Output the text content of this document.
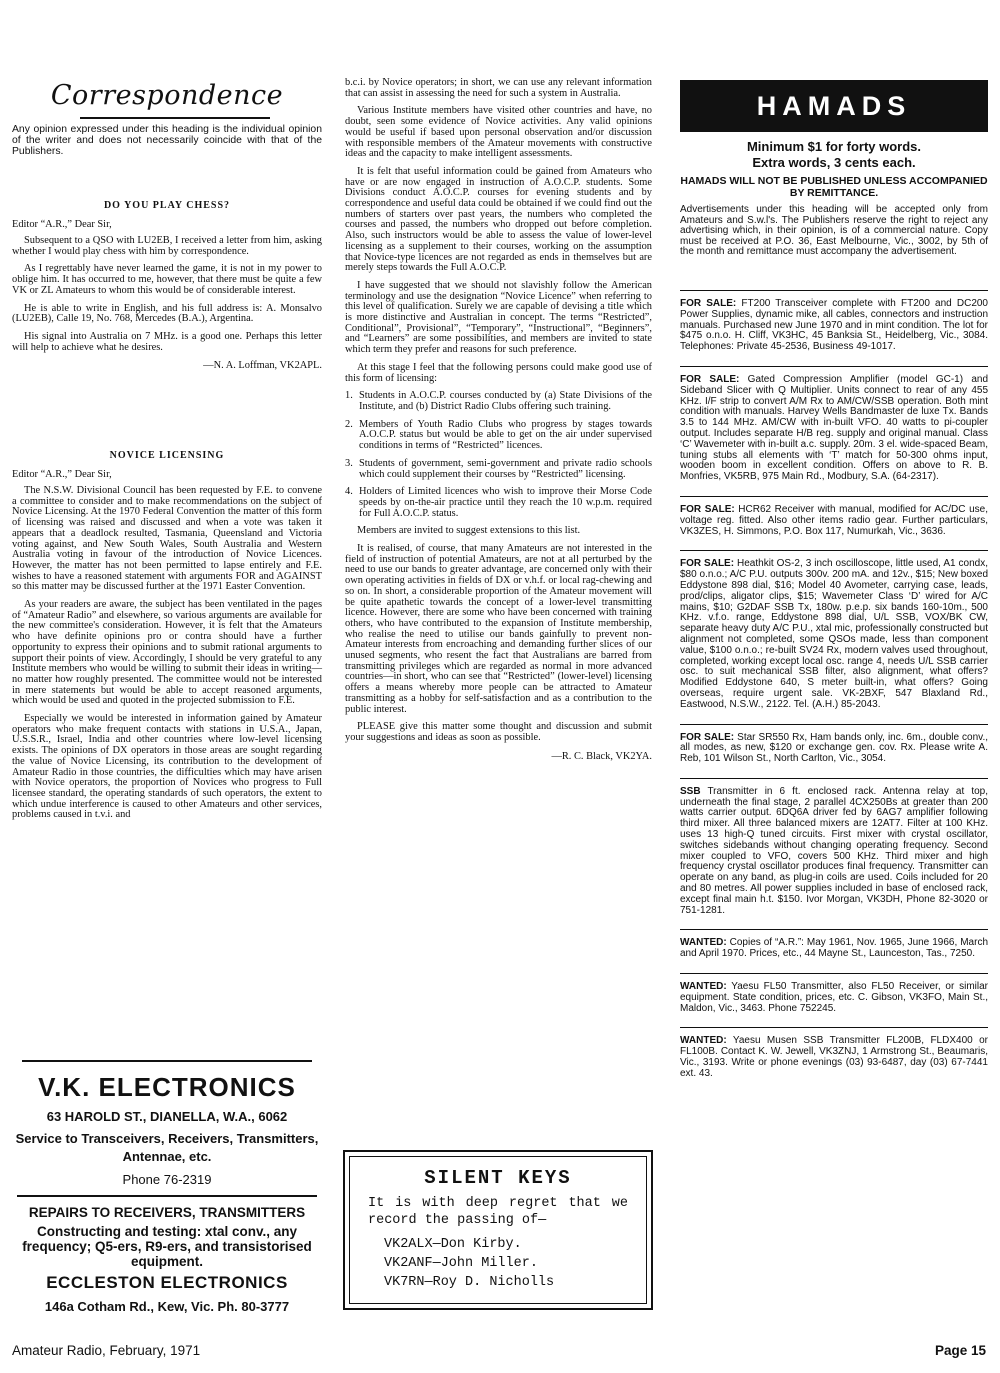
Correspondence
Any opinion expressed under this heading is the individual opinion of the writer and does not necessarily coincide with that of the Publishers.
DO YOU PLAY CHESS?
Editor “A.R.,” Dear Sir,

Subsequent to a QSO with LU2EB, I received a letter from him, asking whether I would play chess with him by correspondence.

As I regrettably have never learned the game, it is not in my power to oblige him. It has occurred to me, however, that there must be quite a few VK or ZL Amateurs to whom this would be of considerable interest.

He is able to write in English, and his full address is: A. Monsalvo (LU2EB), Calle 19, No. 768, Mercedes (B.A.), Argentina.

His signal into Australia on 7 MHz. is a good one. Perhaps this letter will help to achieve what he desires.

—N. A. Loffman, VK2APL.
NOVICE LICENSING
Editor “A.R.,” Dear Sir,

The N.S.W. Divisional Council has been requested by F.E. to convene a committee to consider and to make recommendations on the subject of Novice Licensing. At the 1970 Federal Convention the matter of this form of licensing was raised and discussed and when a vote was taken it appears that a deadlock resulted, Tasmania, Queensland and Victoria voting against, and New South Wales, South Australia and Western Australia voting in favour of the introduction of Novice Licences. However, the matter has not been permitted to lapse entirely and F.E. wishes to have a reasoned statement with arguments FOR and AGAINST so this matter may be discussed further at the 1971 Easter Convention.

As your readers are aware, the subject has been ventilated in the pages of “Amateur Radio” and elsewhere, so various arguments are available for the new committee's consideration. However, it is felt that the Amateurs who have definite opinions pro or contra should have a further opportunity to express their opinions and to submit rational arguments to support their points of view. Accordingly, I should be very grateful to any Institute members who would be willing to submit their ideas in writing—no matter how roughly presented. The committee would not be interested in mere statements but would be able to accept reasoned arguments, which would be used and quoted in the projected submission to F.E.

Especially we would be interested in information gained by Amateur operators who make frequent contacts with stations in U.S.A., Japan, U.S.S.R., Israel, India and other countries where low-level licensing exists. The opinions of DX operators in those areas are sought regarding the value of Novice Licensing, its contribution to the development of Amateur Radio in those countries, the difficulties which may have arisen with Novice operators, the proportion of Novices who progress to Full licensee standard, the operating standards of such operators, the extent to which undue interference is caused to other Amateurs and other services, problems caused in t.v.i. and

V.K. ELECTRONICS
63 HAROLD ST., DIANELLA, W.A., 6062
Service to Transceivers, Receivers, Transmitters, Antennae, etc.
Phone 76-2319
REPAIRS TO RECEIVERS, TRANSMITTERS
Constructing and testing: xtal conv., any frequency; Q5-ers, R9-ers, and transistorised equipment.
ECCLESTON ELECTRONICS
146a Cotham Rd., Kew, Vic. Ph. 80-3777

b.c.i. by Novice operators; in short, we can use any relevant information that can assist in assessing the need for such a system in Australia.

Various Institute members have visited other countries and have, no doubt, seen some evidence of Novice activities. Any valid opinions would be useful if based upon personal observation and/or discussion with responsible members of the Amateur movements with constructive ideas and the capacity to make intelligent assessments.

It is felt that useful information could be gained from Amateurs who have or are now engaged in instruction of A.O.C.P. students. Some Divisions conduct A.O.C.P. courses for evening students and by correspondence and useful data could be obtained if we could find out the numbers of starters over past years, the numbers who completed the courses and passed, the numbers who dropped out before completion. Also, such instructors would be able to assess the value of lower-level licensing as a supplement to their courses, working on the assumption that Novice-type licences are not regarded as ends in themselves but are merely steps towards the Full A.O.C.P.

I have suggested that we should not slavishly follow the American terminology and use the designation “Novice Licence” when referring to this level of qualification. Surely we are capable of devising a title which is more distinctive and Australian in concept. The terms “Restricted”, Conditional”, Provisional”, “Temporary”, “Instructional”, “Beginners”, and “Learners” are some possibilities, and members are invited to state which term they prefer and reasons for such preference.

At this stage I feel that the following persons could make good use of this form of licensing:

1. Students in A.O.C.P. courses conducted by (a) State Divisions of the Institute, and (b) District Radio Clubs offering such training.
2. Members of Youth Radio Clubs who progress by stages towards A.O.C.P. status but would be able to get on the air under supervised conditions in terms of “Restricted” licences.
3. Students of government, semi-government and private radio schools which could supplement their courses by “Restricted” licensing.
4. Holders of Limited licences who wish to improve their Morse Code speeds by on-the-air practice until they reach the 10 w.p.m. required for Full A.O.C.P. status.

Members are invited to suggest extensions to this list.

It is realised, of course, that many Amateurs are not interested in the field of instruction of potential Amateurs, are not at all perturbed by the need to use our bands to greater advantage, are concerned only with their own operating activities in fields of DX or v.h.f. or local rag-chewing and so on. In short, a considerable proportion of the Amateur movement will be quite apathetic towards the concept of a lower-level transmitting licence. However, there are some who have been concerned with training others, who have contributed to the expansion of Institute membership, who realise the need to utilise our bands gainfully to prevent non-Amateur interests from encroaching and demanding further slices of our unused segments, who resent the fact that Australians are barred from transmitting privileges which are regarded as normal in more advanced countries—in short, who can see that “Restricted” (lower-level) licensing offers a means whereby more people can be attracted to Amateur transmitting as a hobby for self-satisfaction and as a contribution to the public interest.

PLEASE give this matter some thought and discussion and submit your suggestions and ideas as soon as possible.

—R. C. Black, VK2YA.
SILENT KEYS
It is with deep regret that we record the passing of—
VK2ALX—Don Kirby.
VK2ANF—John Miller.
VK7RN—Roy D. Nicholls
HAMADS
Minimum $1 for forty words.
Extra words, 3 cents each.
HAMADS WILL NOT BE PUBLISHED UNLESS ACCOMPANIED BY REMITTANCE.
Advertisements under this heading will be accepted only from Amateurs and S.w.l's. The Publishers reserve the right to reject any advertising which, in their opinion, is of a commercial nature. Copy must be received at P.O. 36, East Melbourne, Vic., 3002, by 5th of the month and remittance must accompany the advertisement.
FOR SALE: FT200 Transceiver complete with FT200 and DC200 Power Supplies, dynamic mike, all cables, connectors and instruction manuals. Purchased new June 1970 and in mint condition. The lot for $475 o.n.o. H. Cliff, VK3HC, 45 Banksia St., Heidelberg, Vic., 3084. Telephones: Private 45-2536, Business 49-1017.
FOR SALE: Gated Compression Amplifier (model GC-1) and Sideband Slicer with Q Multiplier. Units connect to rear of any 455 KHz. I/F strip to convert A/M Rx to AM/CW/SSB operation. Both mint condition with manuals. Harvey Wells Bandmaster de luxe Tx. Bands 3.5 to 144 MHz. AM/CW with in-built VFO. 40 watts to pi-coupler output. Includes separate H/B reg. supply and original manual. Class ‘C’ Wavemeter with in-built a.c. supply. 20m. 3 el. wide-spaced Beam, tuning stubs all elements with ‘T’ match for 50-300 ohms input, wooden boom in excellent condition. Offers on above to R. B. Monfries, VK5RB, 975 Main Rd., Modbury, S.A. (64-2317).
FOR SALE: HCR62 Receiver with manual, modified for AC/DC use, voltage reg. fitted. Also other items radio gear. Further particulars, VK3ZES, H. Simmons, P.O. Box 117, Numurkah, Vic., 3636.
FOR SALE: Heathkit OS-2, 3 inch oscilloscope, little used, A1 condx, $80 o.n.o.; A/C P.U. outputs 300v. 200 mA. and 12v., $15; New boxed Eddystone 898 dial, $16; Model 40 Avometer, carrying case, leads, prod/clips, aligator clips, $15; Wavemeter Class ‘D’ wired for A/C mains, $10; G2DAF SSB Tx, 180w. p.e.p. six bands 160-10m., 500 KHz. v.f.o. range, Eddystone 898 dial, U/L SSB, VOX/BK CW, separate heavy duty A/C P.U., xtal mic, professionally constructed but alignment not completed, some QSOs made, less than component value, $100 o.n.o.; re-built SV24 Rx, modern valves used throughout, completed, working except local osc. range 4, needs U/L SSB carrier osc. to suit mechanical SSB filter, also alignment, what offers? Modified Eddystone 640, S meter built-in, what offers? Going overseas, require urgent sale. VK-2BXF, 547 Blaxland Rd., Eastwood, N.S.W., 2122. Tel. (A.H.) 85-2043.
FOR SALE: Star SR550 Rx, Ham bands only, inc. 6m., double conv., all modes, as new, $120 or exchange gen. cov. Rx. Please write A. Reb, 101 Wilson St., North Carlton, Vic., 3054.
SSB Transmitter in 6 ft. enclosed rack. Antenna relay at top, underneath the final stage, 2 parallel 4CX250Bs at greater than 200 watts carrier output. 6DQ6A driver fed by 6AG7 amplifier following third mixer. All three balanced mixers are 12AT7. Filter at 100 KHz. uses 13 high-Q tuned circuits. First mixer with crystal oscillator, switches sidebands without changing operating frequency. Second mixer coupled to VFO, covers 500 KHz. Third mixer and high frequency crystal oscillator produces final frequency. Transmitter can operate on any band, as plug-in coils are used. Coils included for 20 and 80 metres. All power supplies included in base of enclosed rack, except final main h.t. $150. Ivor Morgan, VK3DH, Phone 82-3020 or 751-1281.
WANTED: Copies of “A.R.”: May 1961, Nov. 1965, June 1966, March and April 1970. Prices, etc., 44 Mayne St., Launceston, Tas., 7250.
WANTED: Yaesu FL50 Transmitter, also FL50 Receiver, or similar equipment. State condition, prices, etc. C. Gibson, VK3FO, Main St., Maldon, Vic., 3463. Phone 752245.
WANTED: Yaesu Musen SSB Transmitter FL200B, FLDX400 or FL100B. Contact K. W. Jewell, VK3ZNJ, 1 Armstrong St., Beaumaris, Vic., 3193. Write or phone evenings (03) 93-6487, day (03) 67-7441 ext. 43.
Amateur Radio, February, 1971	Page 15
